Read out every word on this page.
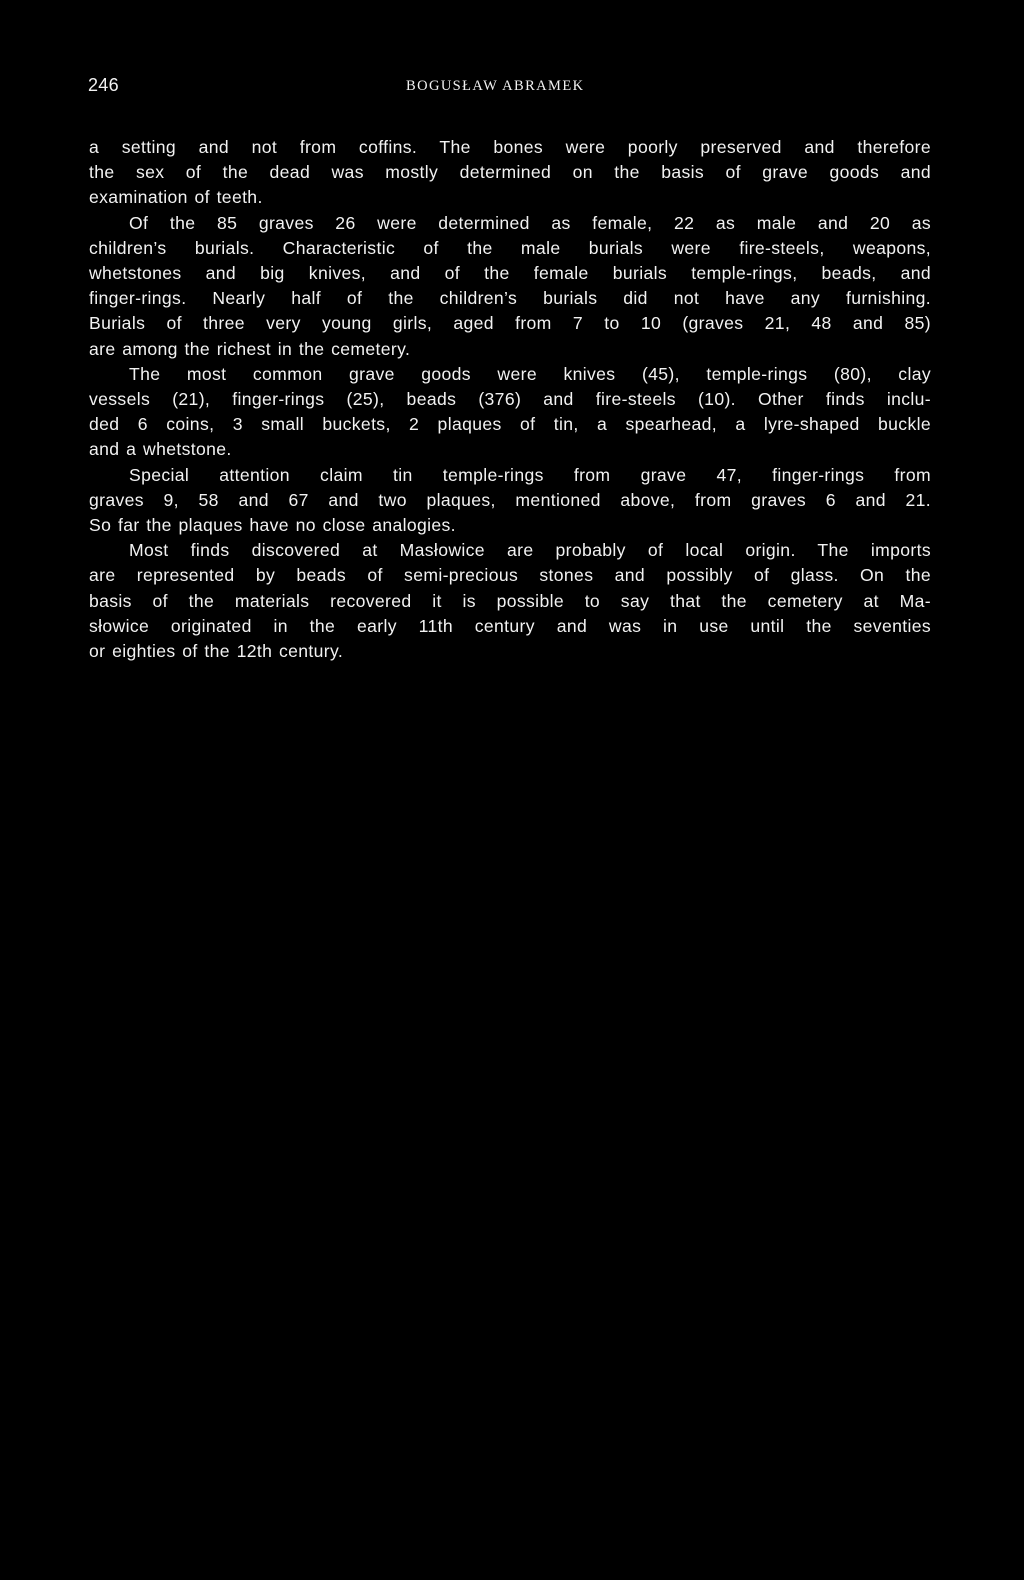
246	BOGUSŁAW ABRAMEK
a setting and not from coffins. The bones were poorly preserved and therefore
the sex of the dead was mostly determined on the basis of grave goods and
examination of teeth.
Of the 85 graves 26 were determined as female, 22 as male and 20 as
children’s burials. Characteristic of the male burials were fire-steels, weapons,
whetstones and big knives, and of the female burials temple-rings, beads, and
finger-rings. Nearly half of the children’s burials did not have any furnishing.
Burials of three very young girls, aged from 7 to 10 (graves 21, 48 and 85)
are among the richest in the cemetery.
The most common grave goods were knives (45), temple-rings (80), clay
vessels (21), finger-rings (25), beads (376) and fire-steels (10). Other finds inclu-
ded 6 coins, 3 small buckets, 2 plaques of tin, a spearhead, a lyre-shaped buckle
and a whetstone.
Special attention claim tin temple-rings from grave 47, finger-rings from
graves 9, 58 and 67 and two plaques, mentioned above, from graves 6 and 21.
So far the plaques have no close analogies.
Most finds discovered at Masłowice are probably of local origin. The imports
are represented by beads of semi-precious stones and possibly of glass. On the
basis of the materials recovered it is possible to say that the cemetery at Ma-
słowice originated in the early 11th century and was in use until the seventies
or eighties of the 12th century.
